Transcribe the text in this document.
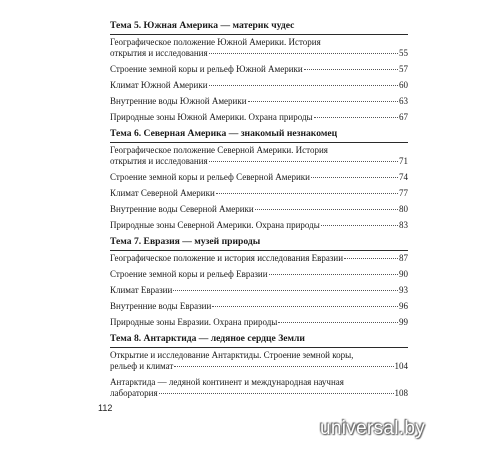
Тема 5. Южная Америка — материк чудес
Географическое положение Южной Америки. История
открытия и исследования	55
Строение земной коры и рельеф Южной Америки	57
Климат Южной Америки	60
Внутренние воды Южной Америки	63
Природные зоны Южной Америки. Охрана природы	67
Тема 6. Северная Америка — знакомый незнакомец
Географическое положение Северной Америки. История
открытия и исследования	71
Строение земной коры и рельеф Северной Америки	74
Климат Северной Америки	77
Внутренние воды Северной Америки	80
Природные зоны Северной Америки. Охрана природы	83
Тема 7. Евразия — музей природы
Географическое положение и история исследования Евразии	87
Строение земной коры и рельеф Евразии	90
Климат Евразии	93
Внутренние воды Евразии	96
Природные зоны Евразии. Охрана природы	99
Тема 8. Антарктида — ледяное сердце Земли
Открытие и исследование Антарктиды. Строение земной коры,
рельеф и климат	104
Антарктида — ледяной континент и международная научная
лаборатория	108
112
universal.by
